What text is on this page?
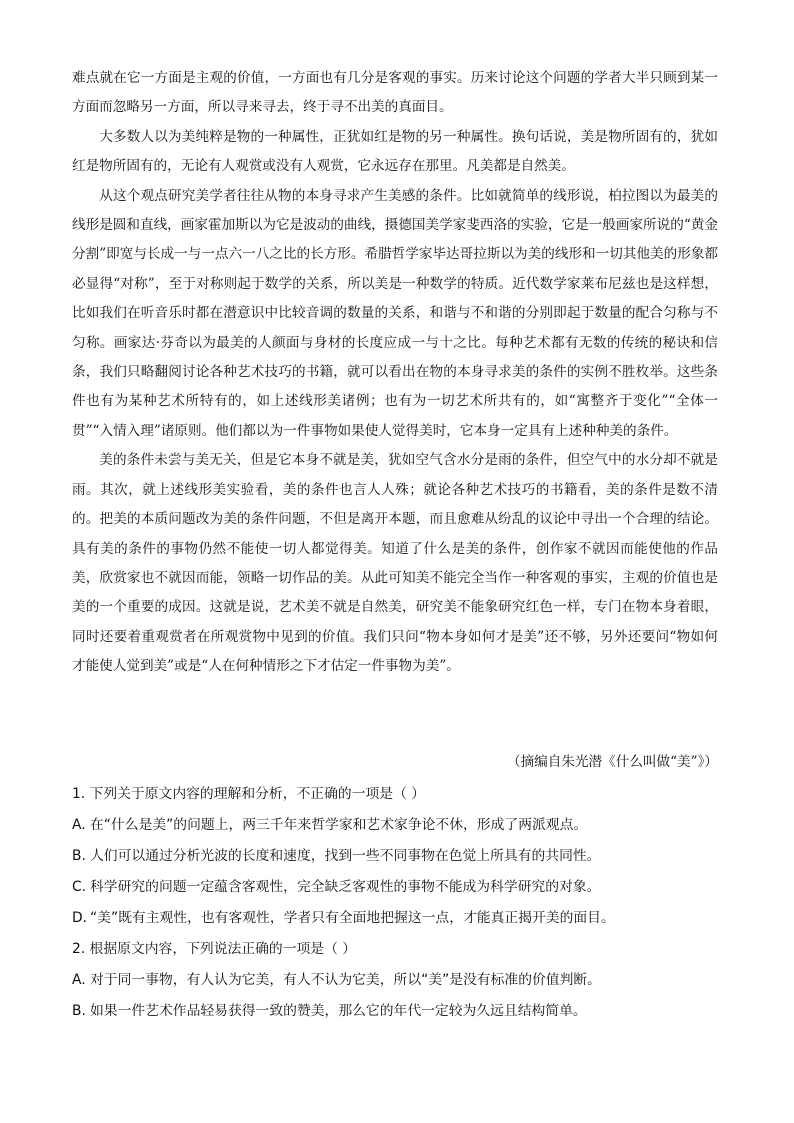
难点就在它一方面是主观的价值，一方面也有几分是客观的事实。历来讨论这个问题的学者大半只顾到某一方面而忽略另一方面，所以寻来寻去，终于寻不出美的真面目。

大多数人以为美纯粹是物的一种属性，正犹如红是物的另一种属性。换句话说，美是物所固有的，犹如红是物所固有的，无论有人观赏或没有人观赏，它永远存在那里。凡美都是自然美。

从这个观点研究美学者往往从物的本身寻求产生美感的条件。比如就简单的线形说，柏拉图以为最美的线形是圆和直线，画家霍加斯以为它是波动的曲线，摄德国美学家斐西洛的实验，它是一般画家所说的“黄金分割”即宽与长成一与一点六一八之比的长方形。希腊哲学家毕达哥拉斯以为美的线形和一切其他美的形象都必显得“对称”，至于对称则起于数学的关系，所以美是一种数学的特质。近代数学家莱布尼兹也是这样想，比如我们在听音乐时都在潜意识中比较音调的数量的关系，和谐与不和谐的分别即起于数量的配合匀称与不匀称。画家达·芬奇以为最美的人颜面与身材的长度应成一与十之比。每种艺术都有无数的传统的秘诀和信条，我们只略翻阅讨论各种艺术技巧的书籍，就可以看出在物的本身寻求美的条件的实例不胜枚举。这些条件也有为某种艺术所特有的，如上述线形美诸例；也有为一切艺术所共有的，如“寓整齐于变化”“全体一贯”“入情入理”诸原则。他们都以为一件事物如果使人觉得美时，它本身一定具有上述种种美的条件。

美的条件未尝与美无关，但是它本身不就是美，犹如空气含水分是雨的条件，但空气中的水分却不就是雨。其次，就上述线形美实验看，美的条件也言人人殊；就论各种艺术技巧的书籍看，美的条件是数不清的。把美的本质问题改为美的条件问题，不但是离开本题，而且愈难从纷乱的议论中寻出一个合理的结论。具有美的条件的事物仍然不能使一切人都觉得美。知道了什么是美的条件，创作家不就因而能使他的作品美，欣赏家也不就因而能，领略一切作品的美。从此可知美不能完全当作一种客观的事实，主观的价值也是美的一个重要的成因。这就是说，艺术美不就是自然美，研究美不能象研究红色一样，专门在物本身着眼，同时还要着重观赏者在所观赏物中见到的价值。我们只问“物本身如何才是美”还不够，另外还要问“物如何才能使人觉到美”或是“人在何种情形之下才估定一件事物为美”。

（摘编自朱光潜《什么叫做“美”》）
1. 下列关于原文内容的理解和分析，不正确的一项是（ ）
A. 在“什么是美”的问题上，两三千年来哲学家和艺术家争论不休，形成了两派观点。
B. 人们可以通过分析光波的长度和速度，找到一些不同事物在色觉上所具有的共同性。
C. 科学研究的问题一定蕴含客观性，完全缺乏客观性的事物不能成为科学研究的对象。
D. “美”既有主观性，也有客观性，学者只有全面地把握这一点，才能真正揭开美的面目。
2. 根据原文内容，下列说法正确的一项是（ ）
A. 对于同一事物，有人认为它美，有人不认为它美，所以“美”是没有标准的价值判断。
B. 如果一件艺术作品轻易获得一致的赞美，那么它的年代一定较为久远且结构简单。
